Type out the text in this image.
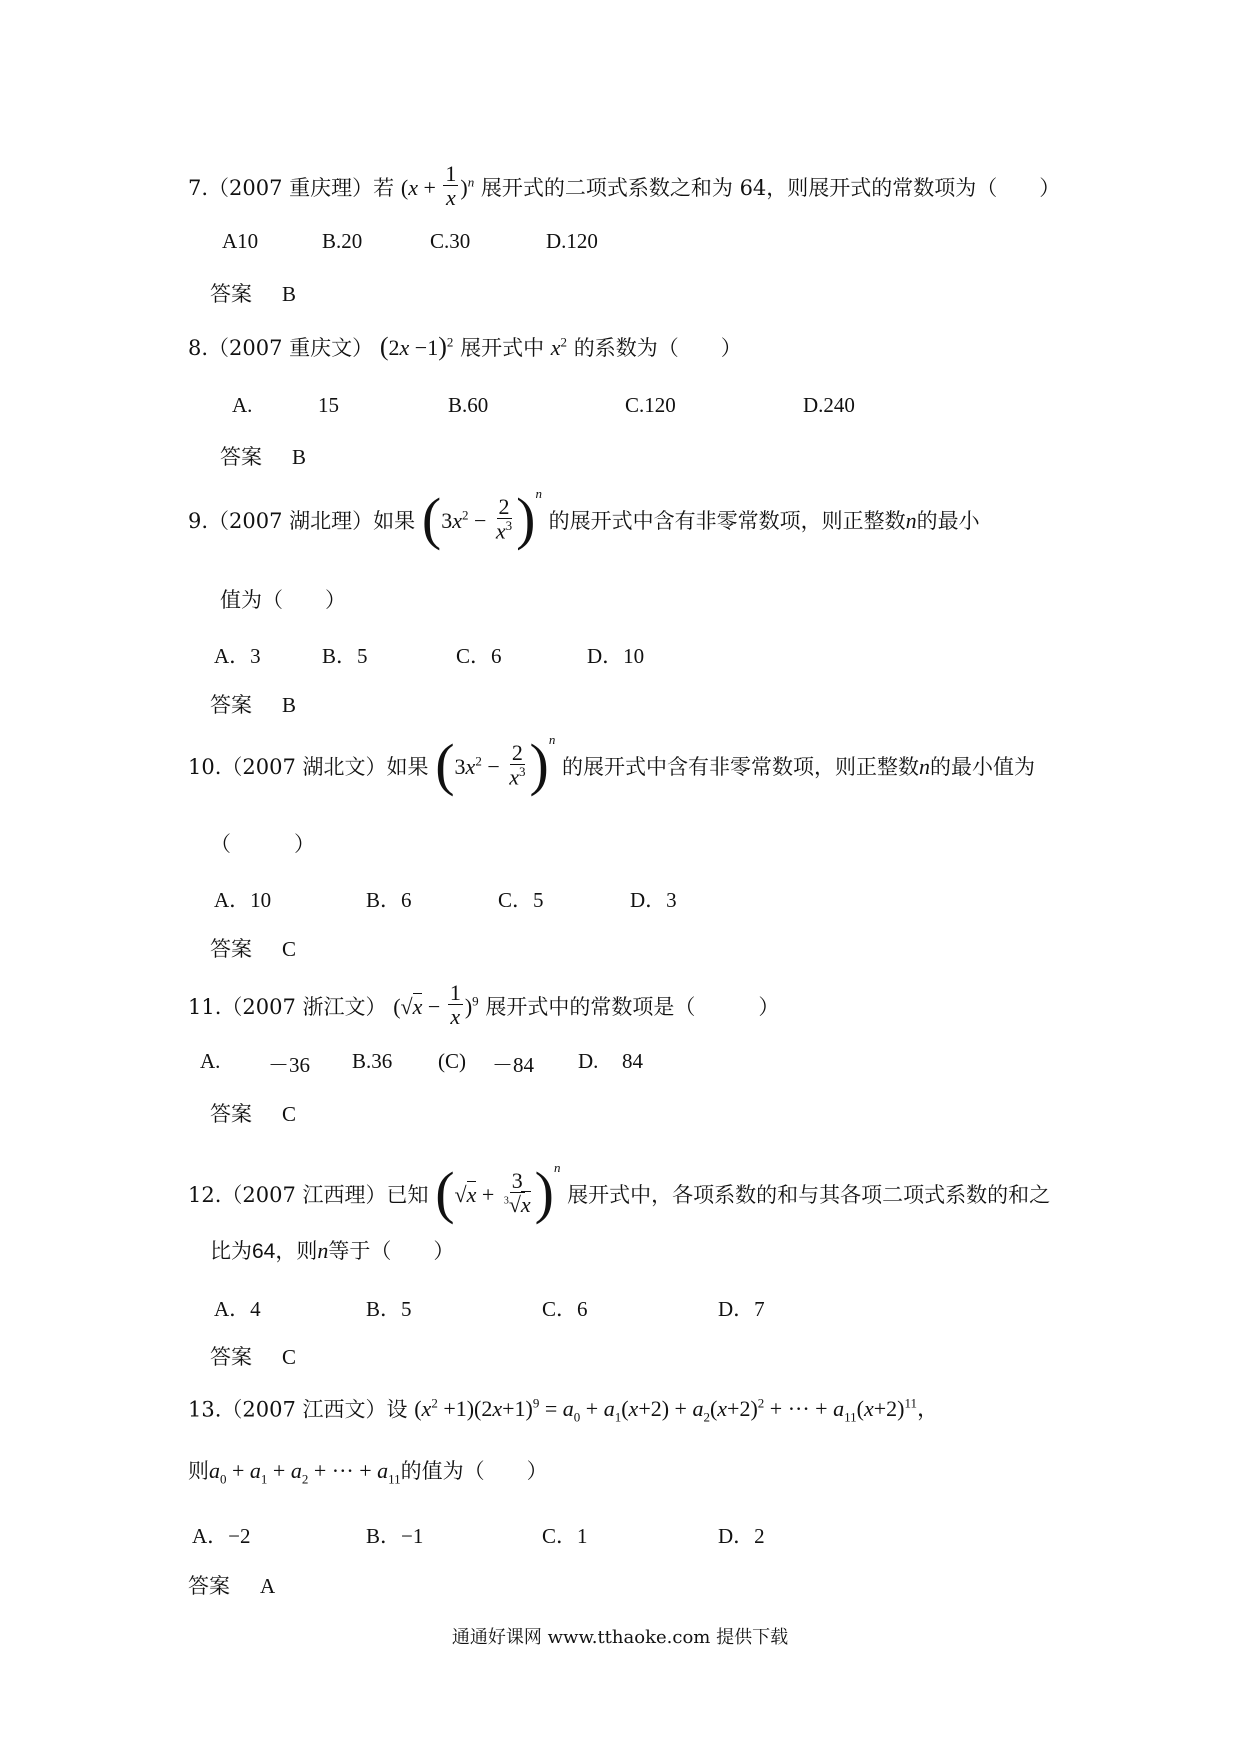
7.（2007 重庆理）若 $(x + \frac{1}{x} )^n$ 展开式的二项式系数之和为 64，则展开式的常数项为（　　）
A10	B.20	C.30	D.120
答案 B
8.（2007 重庆文） $(2x -1)^2$ 展开式中 $x^2$ 的系数为（　　）
A.	15	B.60	C.120	D.240
答案 B
9.（2007 湖北理）如果 $(3x^2 - \frac{2}{x^3} )^n$ 的展开式中含有非零常数项，则正整数n的最小
值为（　　）
A．3	B．5	C．6	D．10
答案 B
10.（2007 湖北文）如果 $(3x^2 - \frac{2}{x^3} )^n$ 的展开式中含有非零常数项，则正整数n的最小值为
（　　　）
A．10	B．6	C．5	D．3
答案 C
11.（2007 浙江文） $(√x - \frac{1}{x} )^9$ 展开式中的常数项是（　　　）
A. －36 B.36 (C) －84 D. 84
答案 C
12.（2007 江西理）已知 $(√x + \frac{3}{^3√x} )^n$ 展开式中，各项系数的和与其各项二项式系数的和之
比为64，则n等于（　　）
A．4	B．5	C．6	D．7
答案 C
13.（2007 江西文）设 $(x^2 +1)(2x+1)^9 = a_0 + a_1(x+2) + a_2(x+2)^2$ + ··· + $a_{11}(x+2)^{11}$，
则$a_0 + a_1 + a_2$ + ··· + $a_{11}$的值为（　　）
A．−2	B．−1	C．1	D．2
答案 A
通通好课网 www.tthaoke.com 提供下载
